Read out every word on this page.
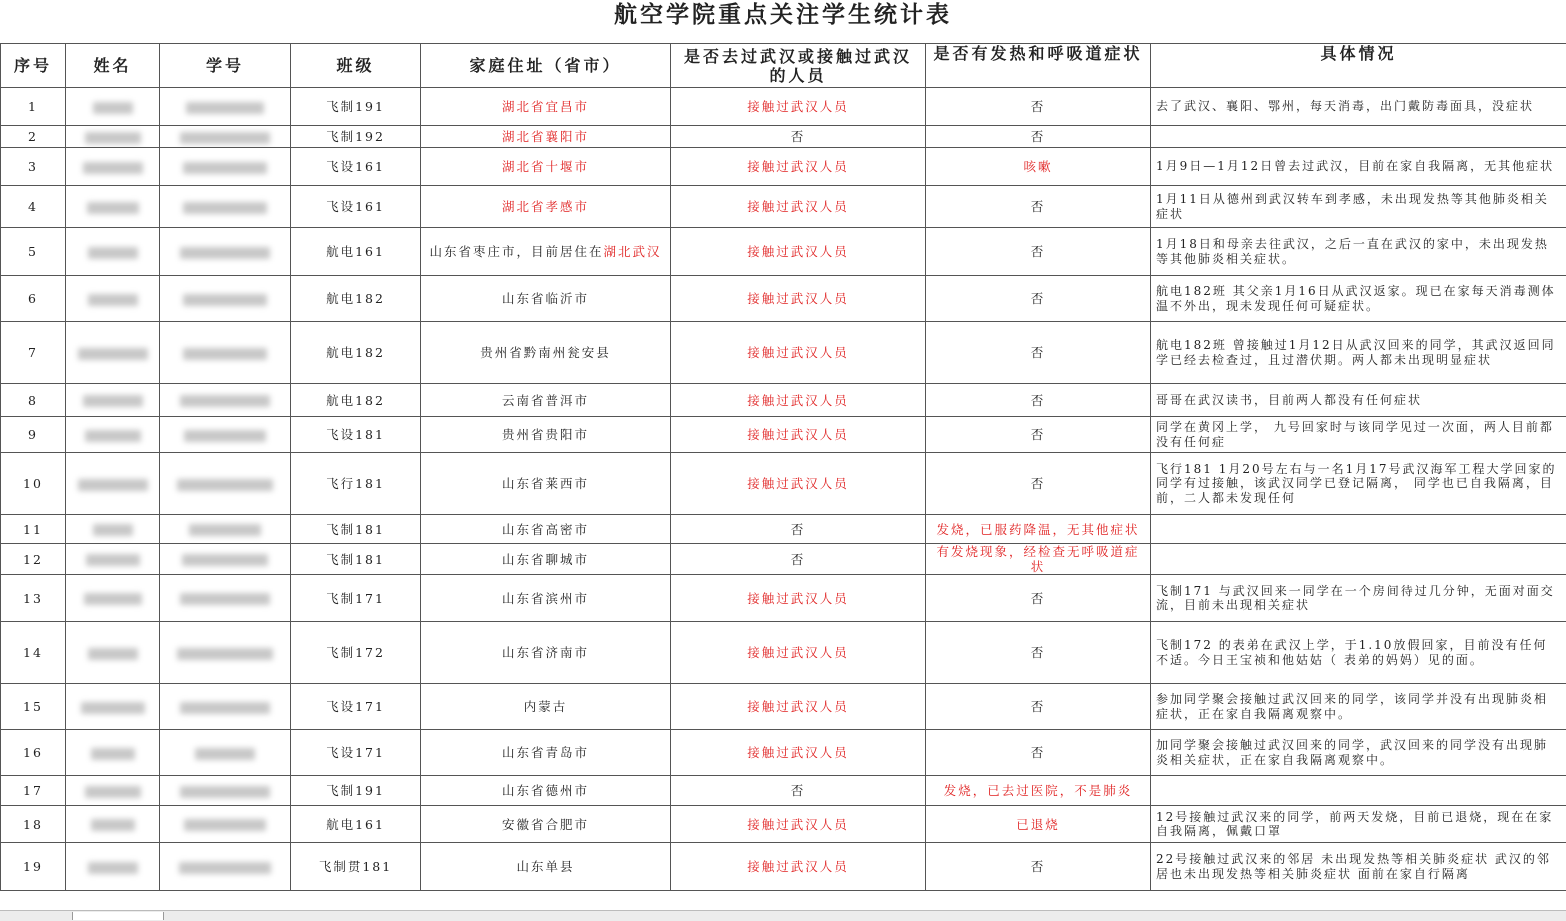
航空学院重点关注学生统计表
序号	姓名	学号	班级	家庭住址（省市）	是否去过武汉或接触过武汉的人员	是否有发热和呼吸道症状	具体情况
1			飞制191	湖北省宜昌市	接触过武汉人员	否	去了武汉、襄阳、鄂州，每天消毒，出门戴防毒面具，没症状
2			飞制192	湖北省襄阳市	否	否	
3			飞设161	湖北省十堰市	接触过武汉人员	咳嗽	1月9日—1月12日曾去过武汉，目前在家自我隔离，无其他症状
4			飞设161	湖北省孝感市	接触过武汉人员	否	1月11日从德州到武汉转车到孝感，未出现发热等其他肺炎相关症状
5			航电161	山东省枣庄市，目前居住在湖北武汉	接触过武汉人员	否	1月18日和母亲去往武汉，之后一直在武汉的家中，未出现发热等其他肺炎相关症状。
6			航电182	山东省临沂市	接触过武汉人员	否	航电182班 其父亲1月16日从武汉返家。现已在家每天消毒测体温不外出，现未发现任何可疑症状。
7			航电182	贵州省黔南州瓮安县	接触过武汉人员	否	航电182班 曾接触过1月12日从武汉回来的同学，其武汉返回同学已经去检查过，且过潜伏期。两人都未出现明显症状
8			航电182	云南省普洱市	接触过武汉人员	否	哥哥在武汉读书，目前两人都没有任何症状
9			飞设181	贵州省贵阳市	接触过武汉人员	否	同学在黄冈上学， 九号回家时与该同学见过一次面，两人目前都没有任何症
10			飞行181	山东省莱西市	接触过武汉人员	否	飞行181 1月20号左右与一名1月17号武汉海军工程大学回家的同学有过接触，该武汉同学已登记隔离， 同学也已自我隔离，目前，二人都未发现任何
11			飞制181	山东省高密市	否	发烧，已服药降温，无其他症状	
12			飞制181	山东省聊城市	否	有发烧现象，经检查无呼吸道症状	
13			飞制171	山东省滨州市	接触过武汉人员	否	飞制171 与武汉回来一同学在一个房间待过几分钟，无面对面交流，目前未出现相关症状
14			飞制172	山东省济南市	接触过武汉人员	否	飞制172 的表弟在武汉上学，于1.10放假回家，目前没有任何不适。今日王宝祯和他姑姑（ 表弟的妈妈）见的面。
15			飞设171	内蒙古	接触过武汉人员	否	参加同学聚会接触过武汉回来的同学，该同学并没有出现肺炎相症状，正在家自我隔离观察中。
16			飞设171	山东省青岛市	接触过武汉人员	否	加同学聚会接触过武汉回来的同学，武汉回来的同学没有出现肺炎相关症状，正在家自我隔离观察中。
17			飞制191	山东省德州市	否	发烧，已去过医院，不是肺炎	
18			航电161	安徽省合肥市	接触过武汉人员	已退烧	12号接触过武汉来的同学，前两天发烧，目前已退烧，现在在家自我隔离，佩戴口罩
19			飞制贯181	山东单县	接触过武汉人员	否	22号接触过武汉来的邻居 未出现发热等相关肺炎症状 武汉的邻居也未出现发热等相关肺炎症状 面前在家自行隔离
